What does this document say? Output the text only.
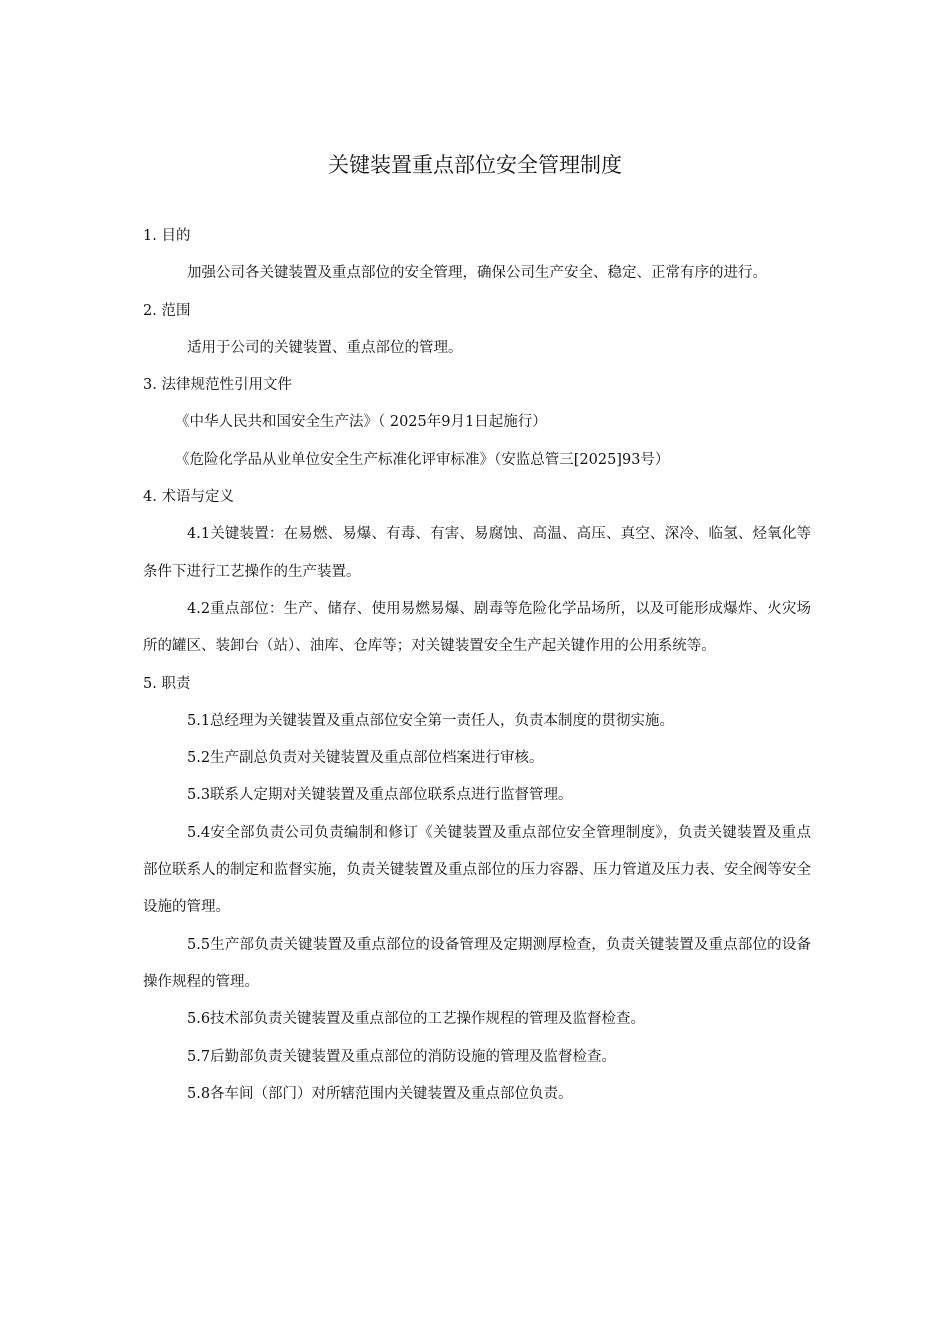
关键装置重点部位安全管理制度

1. 目的

加强公司各关键装置及重点部位的安全管理，确保公司生产安全、稳定、正常有序的进行。

2. 范围

适用于公司的关键装置、重点部位的管理。

3. 法律规范性引用文件

《中华人民共和国安全生产法》（ 2025年9月1日起施行）

《危险化学品从业单位安全生产标准化评审标准》（安监总管三[2025]93号）

4. 术语与定义

4.1关键装置：在易燃、易爆、有毒、有害、易腐蚀、高温、高压、真空、深冷、临氢、烃氧化等条件下进行工艺操作的生产装置。

4.2重点部位：生产、储存、使用易燃易爆、剧毒等危险化学品场所，以及可能形成爆炸、火灾场所的罐区、装卸台（站）、油库、仓库等；对关键装置安全生产起关键作用的公用系统等。

5. 职责

5.1总经理为关键装置及重点部位安全第一责任人，负责本制度的贯彻实施。

5.2生产副总负责对关键装置及重点部位档案进行审核。

5.3联系人定期对关键装置及重点部位联系点进行监督管理。

5.4安全部负责公司负责编制和修订《关键装置及重点部位安全管理制度》，负责关键装置及重点部位联系人的制定和监督实施，负责关键装置及重点部位的压力容器、压力管道及压力表、安全阀等安全设施的管理。

5.5生产部负责关键装置及重点部位的设备管理及定期测厚检查，负责关键装置及重点部位的设备操作规程的管理。

5.6技术部负责关键装置及重点部位的工艺操作规程的管理及监督检查。

5.7后勤部负责关键装置及重点部位的消防设施的管理及监督检查。

5.8各车间（部门）对所辖范围内关键装置及重点部位负责。
